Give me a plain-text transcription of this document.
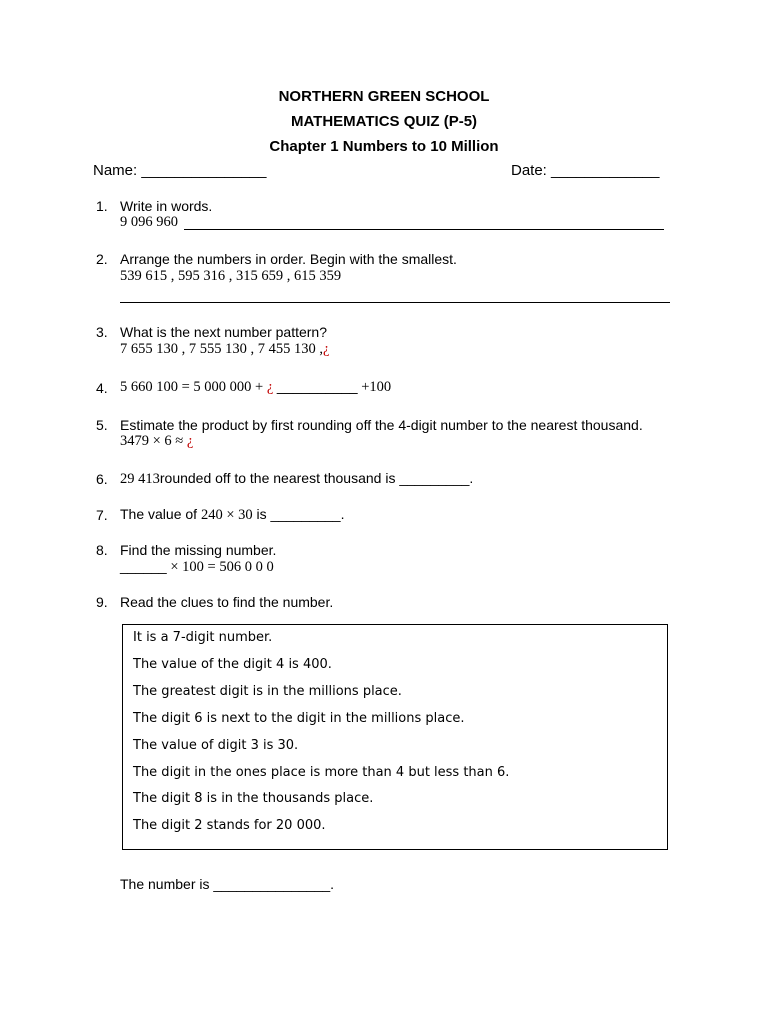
NORTHERN GREEN SCHOOL
MATHEMATICS QUIZ (P-5)
Chapter 1 Numbers to 10 Million
Name: _______________	Date: _____________
1. Write in words.
9 096 960
2. Arrange the numbers in order. Begin with the smallest.
539 615 , 595 316 , 315 659 , 615 359
3. What is the next number pattern?
7 655 130 , 7 555 130 , 7 455 130 ,¿
4. 5 660 100 = 5 000 000 + ¿ __________ +100
5. Estimate the product by first rounding off the 4-digit number to the nearest thousand.
3479 × 6 ≈ ¿
6. 29 413rounded off to the nearest thousand is _________.
7. The value of 240 × 30 is _________.
8. Find the missing number.
______ × 100 = 506 0 0 0
9. Read the clues to find the number.
It is a 7-digit number.
The value of the digit 4 is 400.
The greatest digit is in the millions place.
The digit 6 is next to the digit in the millions place.
The value of digit 3 is 30.
The digit in the ones place is more than 4 but less than 6.
The digit 8 is in the thousands place.
The digit 2 stands for 20 000.
The number is _______________.
